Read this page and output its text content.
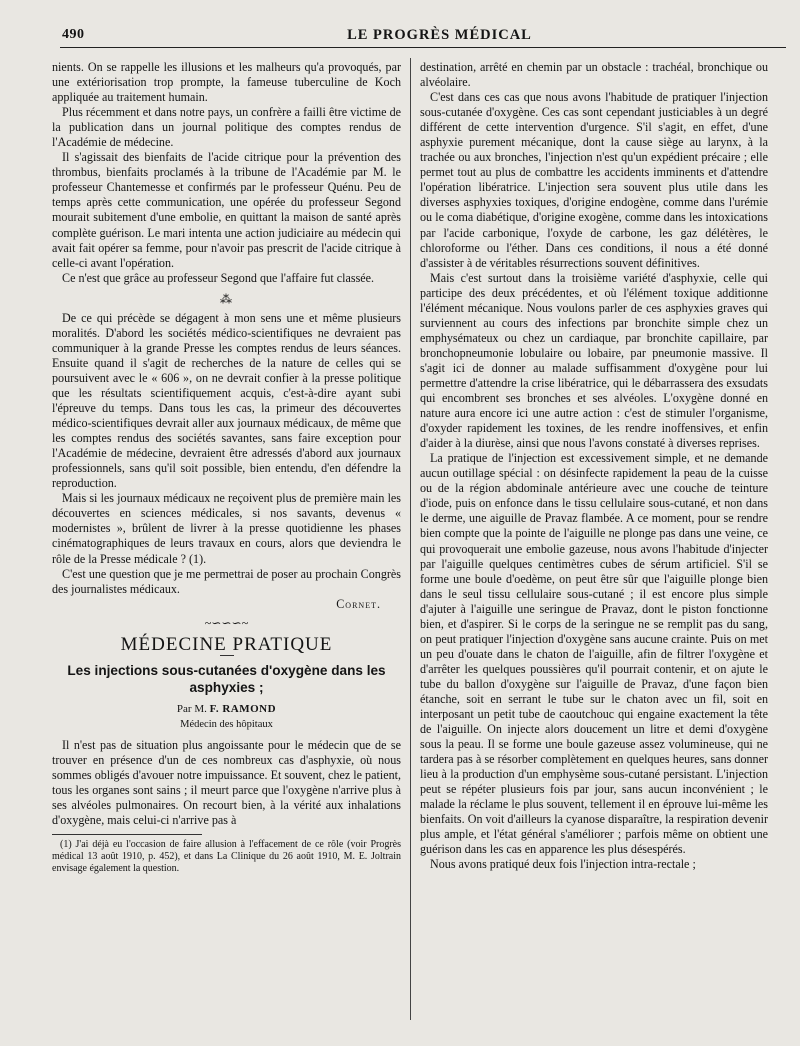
490	LE PROGRÈS MÉDICAL

nients. On se rappelle les illusions et les malheurs qu'a provoqués, par une extériorisation trop prompte, la fameuse tuberculine de Koch appliquée au traitement humain.

Plus récemment et dans notre pays, un confrère a failli être victime de la publication dans un journal politique des comptes rendus de l'Académie de médecine.

Il s'agissait des bienfaits de l'acide citrique pour la prévention des thrombus, bienfaits proclamés à la tribune de l'Académie par M. le professeur Chantemesse et confirmés par le professeur Quénu. Peu de temps après cette communication, une opérée du professeur Segond mourait subitement d'une embolie, en quittant la maison de santé après complète guérison. Le mari intenta une action judiciaire au médecin qui avait fait opérer sa femme, pour n'avoir pas prescrit de l'acide citrique à celle-ci avant l'opération.

Ce n'est que grâce au professeur Segond que l'affaire fut classée.

⁂

De ce qui précède se dégagent à mon sens une et même plusieurs moralités. D'abord les sociétés médico-scientifiques ne devraient pas communiquer à la grande Presse les comptes rendus de leurs séances. Ensuite quand il s'agit de recherches de la nature de celles qui se poursuivent avec le « 606 », on ne devrait confier à la presse politique que les résultats scientifiquement acquis, c'est-à-dire ayant subi l'épreuve du temps. Dans tous les cas, la primeur des découvertes médico-scientifiques devrait aller aux journaux médicaux, de même que les comptes rendus des sociétés savantes, sans faire exception pour l'Académie de médecine, devraient être adressés d'abord aux journaux professionnels, sans qu'il soit possible, bien entendu, d'en défendre la reproduction.

Mais si les journaux médicaux ne reçoivent plus de première main les découvertes en sciences médicales, si nos savants, devenus « modernistes », brûlent de livrer à la presse quotidienne les phases cinématographiques de leurs travaux en cours, alors que deviendra le rôle de la Presse médicale ? (1).

C'est une question que je me permettrai de poser au prochain Congrès des journalistes médicaux.

Cornet.
~∽∽∽~
MÉDECINE PRATIQUE
Les injections sous-cutanées d'oxygène dans les asphyxies ;
Par M. F. RAMOND
Médecin des hôpitaux

Il n'est pas de situation plus angoissante pour le médecin que de se trouver en présence d'un de ces nombreux cas d'asphyxie, où nous sommes obligés d'avouer notre impuissance. Et souvent, chez le patient, tous les organes sont sains ; il meurt parce que l'oxygène n'arrive plus à ses alvéoles pulmonaires. On recourt bien, à la vérité aux inhalations d'oxygène, mais celui-ci n'arrive pas à

(1) J'ai déjà eu l'occasion de faire allusion à l'effacement de ce rôle (voir Progrès médical 13 août 1910, p. 452), et dans La Clinique du 26 août 1910, M. E. Joltrain envisage également la question.

destination, arrêté en chemin par un obstacle : trachéal, bronchique ou alvéolaire.

C'est dans ces cas que nous avons l'habitude de pratiquer l'injection sous-cutanée d'oxygène. Ces cas sont cependant justiciables à un degré différent de cette intervention d'urgence. S'il s'agit, en effet, d'une asphyxie purement mécanique, dont la cause siège au larynx, à la trachée ou aux bronches, l'injection n'est qu'un expédient précaire ; elle permet tout au plus de combattre les accidents imminents et d'attendre l'opération libératrice. L'injection sera souvent plus utile dans les diverses asphyxies toxiques, d'origine endogène, comme dans l'urémie ou le coma diabétique, d'origine exogène, comme dans les intoxications par l'acide carbonique, l'oxyde de carbone, les gaz délétères, le chloroforme ou l'éther. Dans ces conditions, il nous a été donné d'assister à de véritables résurrections souvent définitives.

Mais c'est surtout dans la troisième variété d'asphyxie, celle qui participe des deux précédentes, et où l'élément toxique additionne l'élément mécanique. Nous voulons parler de ces asphyxies graves qui surviennent au cours des infections par bronchite simple chez un emphysémateux ou chez un cardiaque, par bronchite capillaire, par bronchopneumonie lobulaire ou lobaire, par pneumonie massive. Il s'agit ici de donner au malade suffisamment d'oxygène pour lui permettre d'attendre la crise libératrice, qui le débarrassera des exsudats qui encombrent ses bronches et ses alvéoles. L'oxygène donné en nature aura encore ici une autre action : c'est de stimuler l'organisme, d'oxyder rapidement les toxines, de les rendre inoffensives, et enfin d'aider à la diurèse, ainsi que nous l'avons constaté à diverses reprises.

La pratique de l'injection est excessivement simple, et ne demande aucun outillage spécial : on désinfecte rapidement la peau de la cuisse ou de la région abdominale antérieure avec une couche de teinture d'iode, puis on enfonce dans le tissu cellulaire sous-cutané, et non dans le derme, une aiguille de Pravaz flambée. A ce moment, pour se rendre bien compte que la pointe de l'aiguille ne plonge pas dans une veine, ce qui provoquerait une embolie gazeuse, nous avons l'habitude d'injecter par l'aiguille quelques centimètres cubes de sérum artificiel. S'il se forme une boule d'oedème, on peut être sûr que l'aiguille plonge bien dans le seul tissu cellulaire sous-cutané ; il est encore plus simple d'ajuter à l'aiguille une seringue de Pravaz, dont le piston fonctionne bien, et d'aspirer. Si le corps de la seringue ne se remplit pas du sang, on peut pratiquer l'injection d'oxygène sans aucune crainte. Puis on met un peu d'ouate dans le chaton de l'aiguille, afin de filtrer l'oxygène et d'arrêter les quelques poussières qu'il pourrait contenir, et on ajute le tube du ballon d'oxygène sur l'aiguille de Pravaz, d'une façon bien étanche, soit en serrant le tube sur le chaton avec un fil, soit en interposant un petit tube de caoutchouc qui engaine exactement la tête de l'aiguille. On injecte alors doucement un litre et demi d'oxygène sous la peau. Il se forme une boule gazeuse assez volumineuse, qui ne tardera pas à se résorber complètement en quelques heures, sans donner lieu à la production d'un emphysème sous-cutané persistant. L'injection peut se répéter plusieurs fois par jour, sans aucun inconvénient ; le malade la réclame le plus souvent, tellement il en éprouve lui-même les bienfaits. On voit d'ailleurs la cyanose disparaître, la respiration devenir plus ample, et l'état général s'améliorer ; parfois même on obtient une guérison dans les cas en apparence les plus désespérés.

Nous avons pratiqué deux fois l'injection intra-rectale ;
